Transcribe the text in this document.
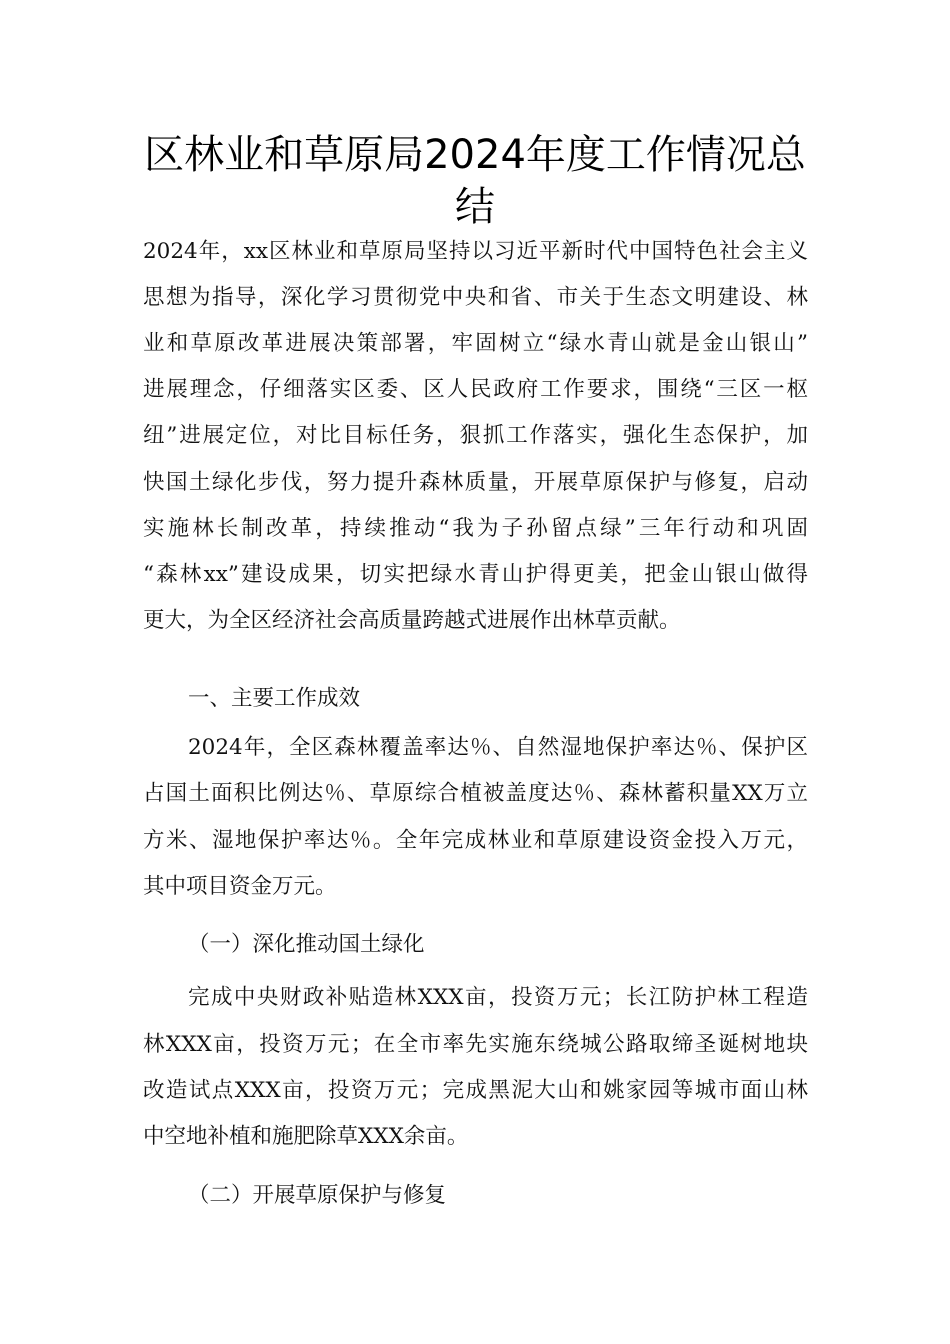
区林业和草原局2024年度工作情况总
结
2024年，xx区林业和草原局坚持以习近平新时代中国特色社会主义
思想为指导，深化学习贯彻党中央和省、市关于生态文明建设、林
业和草原改革进展决策部署，牢固树立“绿水青山就是金山银山”
进展理念，仔细落实区委、区人民政府工作要求，围绕“三区一枢
纽”进展定位，对比目标任务，狠抓工作落实，强化生态保护，加
快国土绿化步伐，努力提升森林质量，开展草原保护与修复，启动
实施林长制改革，持续推动“我为子孙留点绿”三年行动和巩固
“森林xx”建设成果，切实把绿水青山护得更美，把金山银山做得
更大，为全区经济社会高质量跨越式进展作出林草贡献。
一、主要工作成效
2024年，全区森林覆盖率达％、自然湿地保护率达％、保护区
占国土面积比例达％、草原综合植被盖度达％、森林蓄积量XX万立
方米、湿地保护率达％。全年完成林业和草原建设资金投入万元，
其中项目资金万元。
（一）深化推动国土绿化
完成中央财政补贴造林XXX亩，投资万元；长江防护林工程造
林XXX亩，投资万元；在全市率先实施东绕城公路取缔圣诞树地块
改造试点XXX亩，投资万元；完成黑泥大山和姚家园等城市面山林
中空地补植和施肥除草XXX余亩。
（二）开展草原保护与修复
